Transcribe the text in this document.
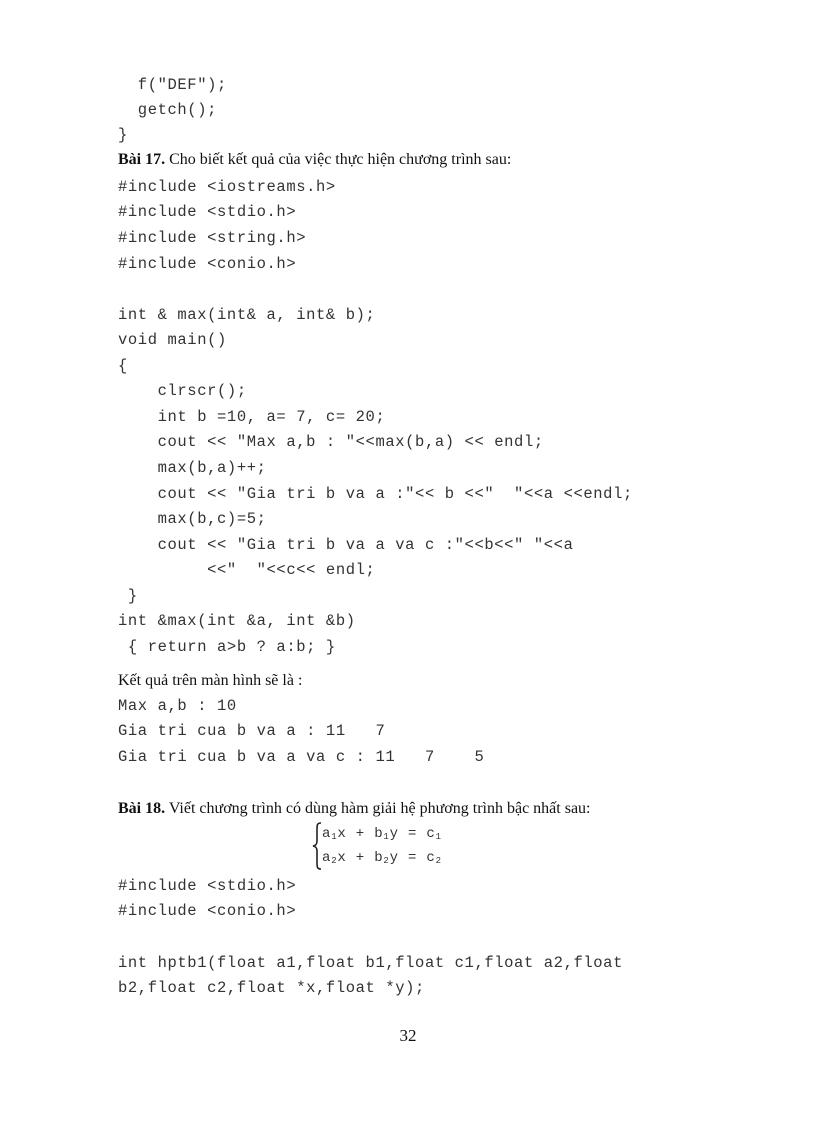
f("DEF");
getch();
}
Bài 17. Cho biết kết quả của việc thực hiện chương trình sau:
#include <iostreams.h>
#include <stdio.h>
#include <string.h>
#include <conio.h>
int & max(int& a, int& b);
void main()
{
clrscr();
int b =10, a= 7, c= 20;
cout << "Max a,b : "<<max(b,a) << endl;
max(b,a)++;
cout << "Gia tri b va a :"<< b <<"  "<<a <<endl;
max(b,c)=5;
cout << "Gia tri b va a va c :"<<b<<" "<<a
<<"  "<<c<< endl;
}
int &max(int &a, int &b)
{ return a>b ? a:b; }
Kết quả trên màn hình sẽ là :
Max a,b : 10
Gia tri cua b va a : 11   7
Gia tri cua b va a va c : 11   7    5
Bài 18. Viết chương trình có dùng hàm giải hệ phương trình bậc nhất sau:
$a_1x + b_1y = c_1$
$a_2x + b_2y = c_2$
#include <stdio.h>
#include <conio.h>
int hptb1(float a1,float b1,float c1,float a2,float
b2,float c2,float *x,float *y);
32
